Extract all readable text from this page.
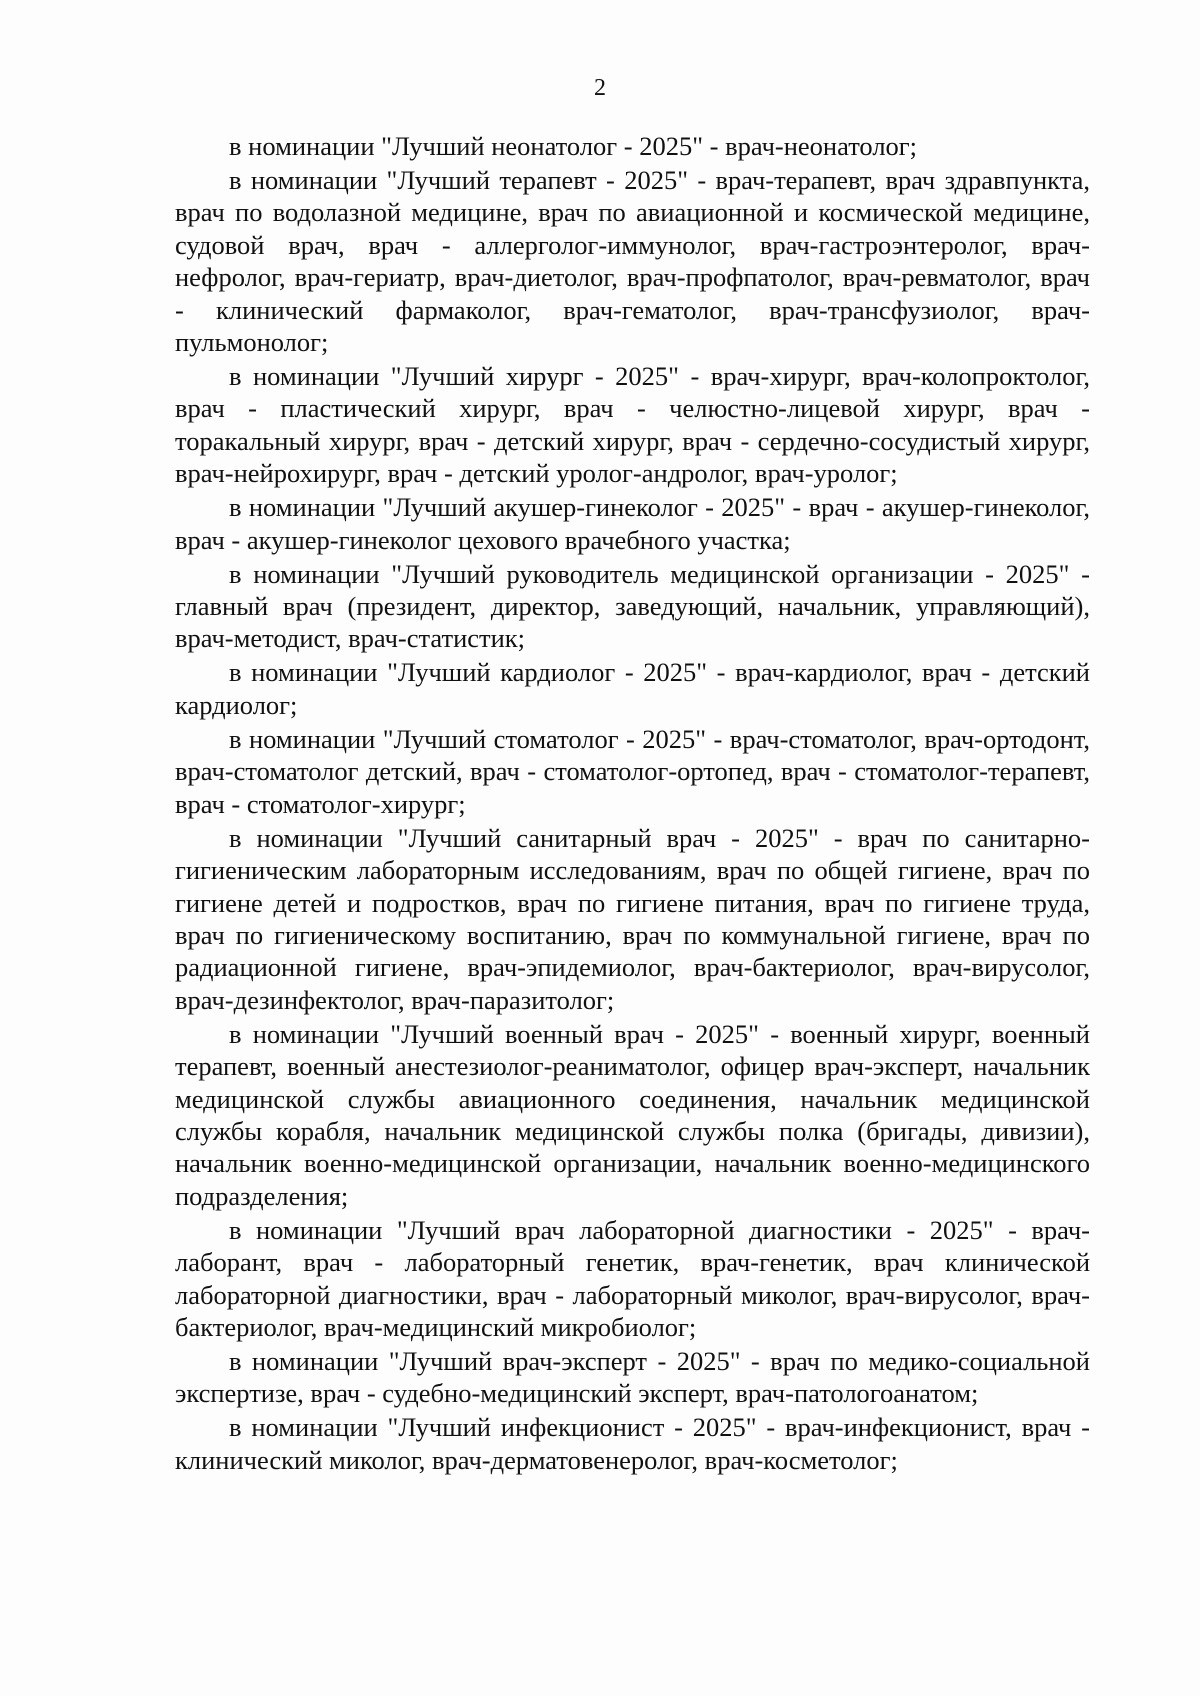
2

в номинации "Лучший неонатолог - 2025" - врач-неонатолог;

в номинации "Лучший терапевт - 2025" - врач-терапевт, врач здравпункта, врач по водолазной медицине, врач по авиационной и космической медицине, судовой врач, врач - аллерголог-иммунолог, врач-гастроэнтеролог, врач-нефролог, врач-гериатр, врач-диетолог, врач-профпатолог, врач-ревматолог, врач - клинический фармаколог, врач-гематолог, врач-трансфузиолог, врач-пульмонолог;

в номинации "Лучший хирург - 2025" - врач-хирург, врач-колопроктолог, врач - пластический хирург, врач - челюстно-лицевой хирург, врач - торакальный хирург, врач - детский хирург, врач - сердечно-сосудистый хирург, врач-нейрохирург, врач - детский уролог-андролог, врач-уролог;

в номинации "Лучший акушер-гинеколог - 2025" - врач - акушер-гинеколог, врач - акушер-гинеколог цехового врачебного участка;

в номинации "Лучший руководитель медицинской организации - 2025" - главный врач (президент, директор, заведующий, начальник, управляющий), врач-методист, врач-статистик;

в номинации "Лучший кардиолог - 2025" - врач-кардиолог, врач - детский кардиолог;

в номинации "Лучший стоматолог - 2025" - врач-стоматолог, врач-ортодонт, врач-стоматолог детский, врач - стоматолог-ортопед, врач - стоматолог-терапевт, врач - стоматолог-хирург;

в номинации "Лучший санитарный врач - 2025" - врач по санитарно-гигиеническим лабораторным исследованиям, врач по общей гигиене, врач по гигиене детей и подростков, врач по гигиене питания, врач по гигиене труда, врач по гигиеническому воспитанию, врач по коммунальной гигиене, врач по радиационной гигиене, врач-эпидемиолог, врач-бактериолог, врач-вирусолог, врач-дезинфектолог, врач-паразитолог;

в номинации "Лучший военный врач - 2025" - военный хирург, военный терапевт, военный анестезиолог-реаниматолог, офицер врач-эксперт, начальник медицинской службы авиационного соединения, начальник медицинской службы корабля, начальник медицинской службы полка (бригады, дивизии), начальник военно-медицинской организации, начальник военно-медицинского подразделения;

в номинации "Лучший врач лабораторной диагностики - 2025" - врач-лаборант, врач - лабораторный генетик, врач-генетик, врач клинической лабораторной диагностики, врач - лабораторный миколог, врач-вирусолог, врач-бактериолог, врач-медицинский микробиолог;

в номинации "Лучший врач-эксперт - 2025" - врач по медико-социальной экспертизе, врач - судебно-медицинский эксперт, врач-патологоанатом;

в номинации "Лучший инфекционист - 2025" - врач-инфекционист, врач - клинический миколог, врач-дерматовенеролог, врач-косметолог;
